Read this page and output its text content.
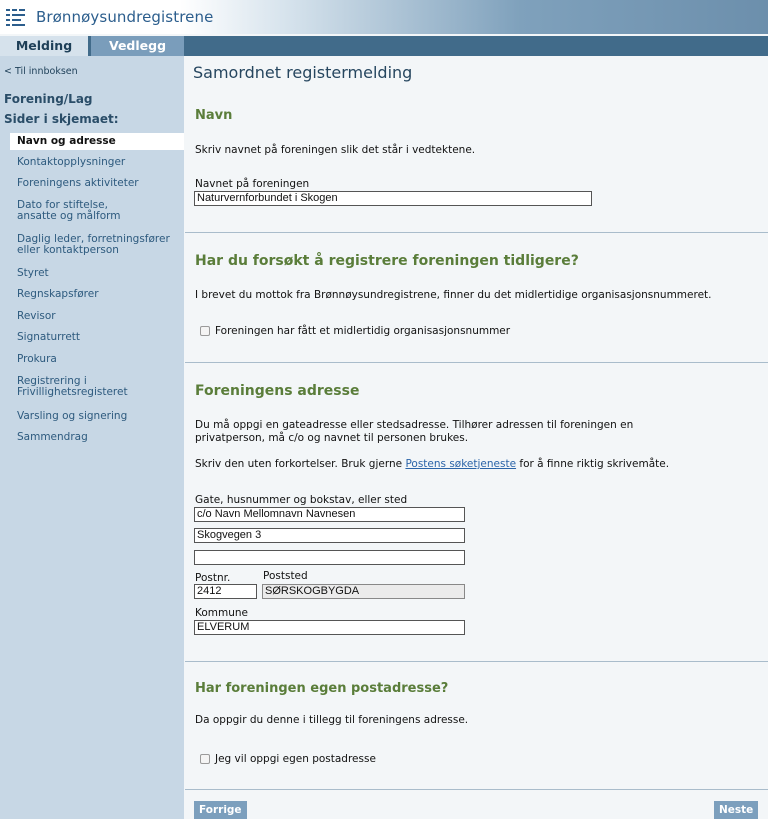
Brønnøysundregistrene
Melding	Vedlegg
< Til innboksen
Forening/Lag
Sider i skjemaet:
Navn og adresse
Kontaktopplysninger
Foreningens aktiviteter
Dato for stiftelse, ansatte og målform
Daglig leder, forretningsfører eller kontaktperson
Styret
Regnskapsfører
Revisor
Signaturrett
Prokura
Registrering i Frivillighetsregisteret
Varsling og signering
Sammendrag
Samordnet registermelding
Navn
Skriv navnet på foreningen slik det står i vedtektene.
Navnet på foreningen
Naturvernforbundet i Skogen
Har du forsøkt å registrere foreningen tidligere?
I brevet du mottok fra Brønnøysundregistrene, finner du det midlertidige organisasjonsnummeret.
Foreningen har fått et midlertidig organisasjonsnummer
Foreningens adresse
Du må oppgi en gateadresse eller stedsadresse. Tilhører adressen til foreningen en privatperson, må c/o og navnet til personen brukes.
Skriv den uten forkortelser. Bruk gjerne Postens søketjeneste for å finne riktig skrivemåte.
Gate, husnummer og bokstav, eller sted
c/o Navn Mellomnavn Navnesen
Skogvegen 3
Postnr.	Poststed
2412	SØRSKOGBYGDA
Kommune
ELVERUM
Har foreningen egen postadresse?
Da oppgir du denne i tillegg til foreningens adresse.
Jeg vil oppgi egen postadresse
Forrige	Neste
